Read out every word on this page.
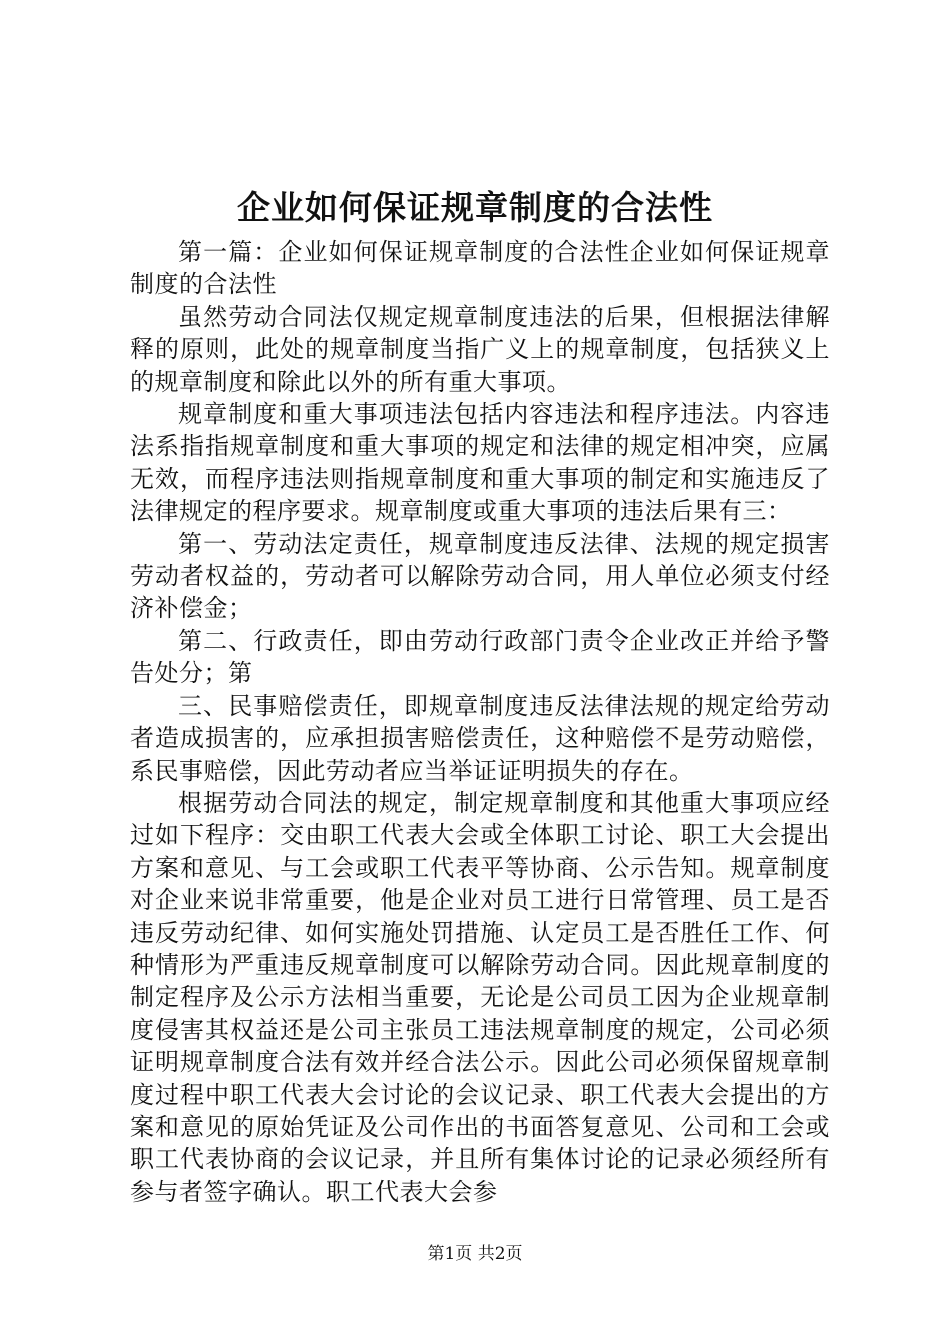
企业如何保证规章制度的合法性

第一篇：企业如何保证规章制度的合法性企业如何保证规章制度的合法性

虽然劳动合同法仅规定规章制度违法的后果，但根据法律解释的原则，此处的规章制度当指广义上的规章制度，包括狭义上的规章制度和除此以外的所有重大事项。

规章制度和重大事项违法包括内容违法和程序违法。内容违法系指指规章制度和重大事项的规定和法律的规定相冲突，应属无效，而程序违法则指规章制度和重大事项的制定和实施违反了法律规定的程序要求。规章制度或重大事项的违法后果有三：

第一、劳动法定责任，规章制度违反法律、法规的规定损害劳动者权益的，劳动者可以解除劳动合同，用人单位必须支付经济补偿金；

第二、行政责任，即由劳动行政部门责令企业改正并给予警告处分；第

三、民事赔偿责任，即规章制度违反法律法规的规定给劳动者造成损害的，应承担损害赔偿责任，这种赔偿不是劳动赔偿，系民事赔偿，因此劳动者应当举证证明损失的存在。

根据劳动合同法的规定，制定规章制度和其他重大事项应经过如下程序：交由职工代表大会或全体职工讨论、职工大会提出方案和意见、与工会或职工代表平等协商、公示告知。规章制度对企业来说非常重要，他是企业对员工进行日常管理、员工是否违反劳动纪律、如何实施处罚措施、认定员工是否胜任工作、何种情形为严重违反规章制度可以解除劳动合同。因此规章制度的制定程序及公示方法相当重要，无论是公司员工因为企业规章制度侵害其权益还是公司主张员工违法规章制度的规定，公司必须证明规章制度合法有效并经合法公示。因此公司必须保留规章制度过程中职工代表大会讨论的会议记录、职工代表大会提出的方案和意见的原始凭证及公司作出的书面答复意见、公司和工会或职工代表协商的会议记录，并且所有集体讨论的记录必须经所有参与者签字确认。职工代表大会参

第1页 共2页
